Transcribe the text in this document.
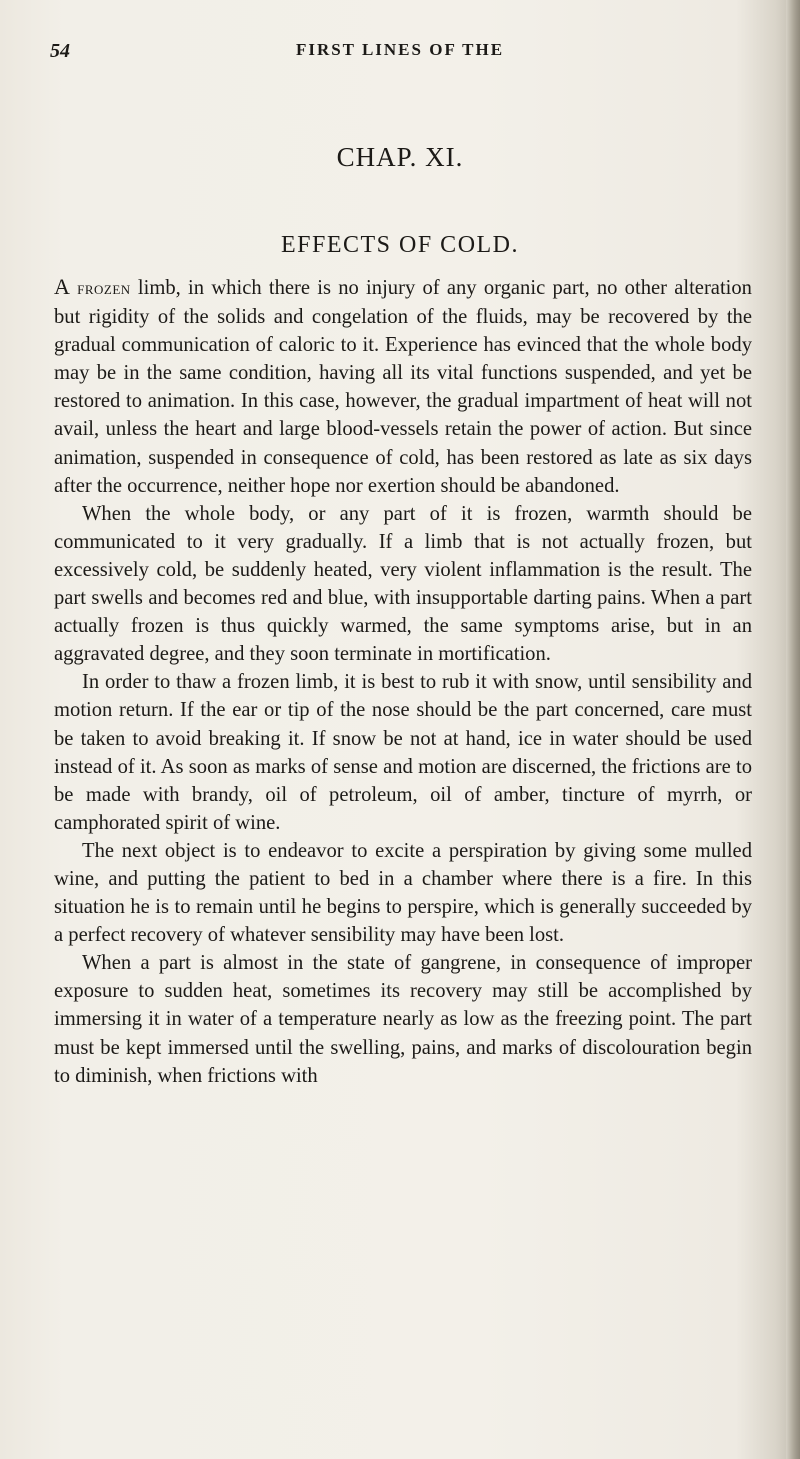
54	FIRST LINES OF THE
CHAP. XI.
EFFECTS OF COLD.

A frozen limb, in which there is no injury of any organic part, no other alteration but rigidity of the solids and congelation of the fluids, may be recovered by the gradual communication of caloric to it. Experience has evinced that the whole body may be in the same condition, having all its vital functions suspended, and yet be restored to animation. In this case, however, the gradual impartment of heat will not avail, unless the heart and large blood-vessels retain the power of action. But since animation, suspended in consequence of cold, has been restored as late as six days after the occurrence, neither hope nor exertion should be abandoned.

When the whole body, or any part of it is frozen, warmth should be communicated to it very gradually. If a limb that is not actually frozen, but excessively cold, be suddenly heated, very violent inflammation is the result. The part swells and becomes red and blue, with insupportable darting pains. When a part actually frozen is thus quickly warmed, the same symptoms arise, but in an aggravated degree, and they soon terminate in mortification.

In order to thaw a frozen limb, it is best to rub it with snow, until sensibility and motion return. If the ear or tip of the nose should be the part concerned, care must be taken to avoid breaking it. If snow be not at hand, ice in water should be used instead of it. As soon as marks of sense and motion are discerned, the frictions are to be made with brandy, oil of petroleum, oil of amber, tincture of myrrh, or camphorated spirit of wine.

The next object is to endeavor to excite a perspiration by giving some mulled wine, and putting the patient to bed in a chamber where there is a fire. In this situation he is to remain until he begins to perspire, which is generally succeeded by a perfect recovery of whatever sensibility may have been lost.

When a part is almost in the state of gangrene, in consequence of improper exposure to sudden heat, sometimes its recovery may still be accomplished by immersing it in water of a temperature nearly as low as the freezing point. The part must be kept immersed until the swelling, pains, and marks of discolouration begin to diminish, when frictions with
